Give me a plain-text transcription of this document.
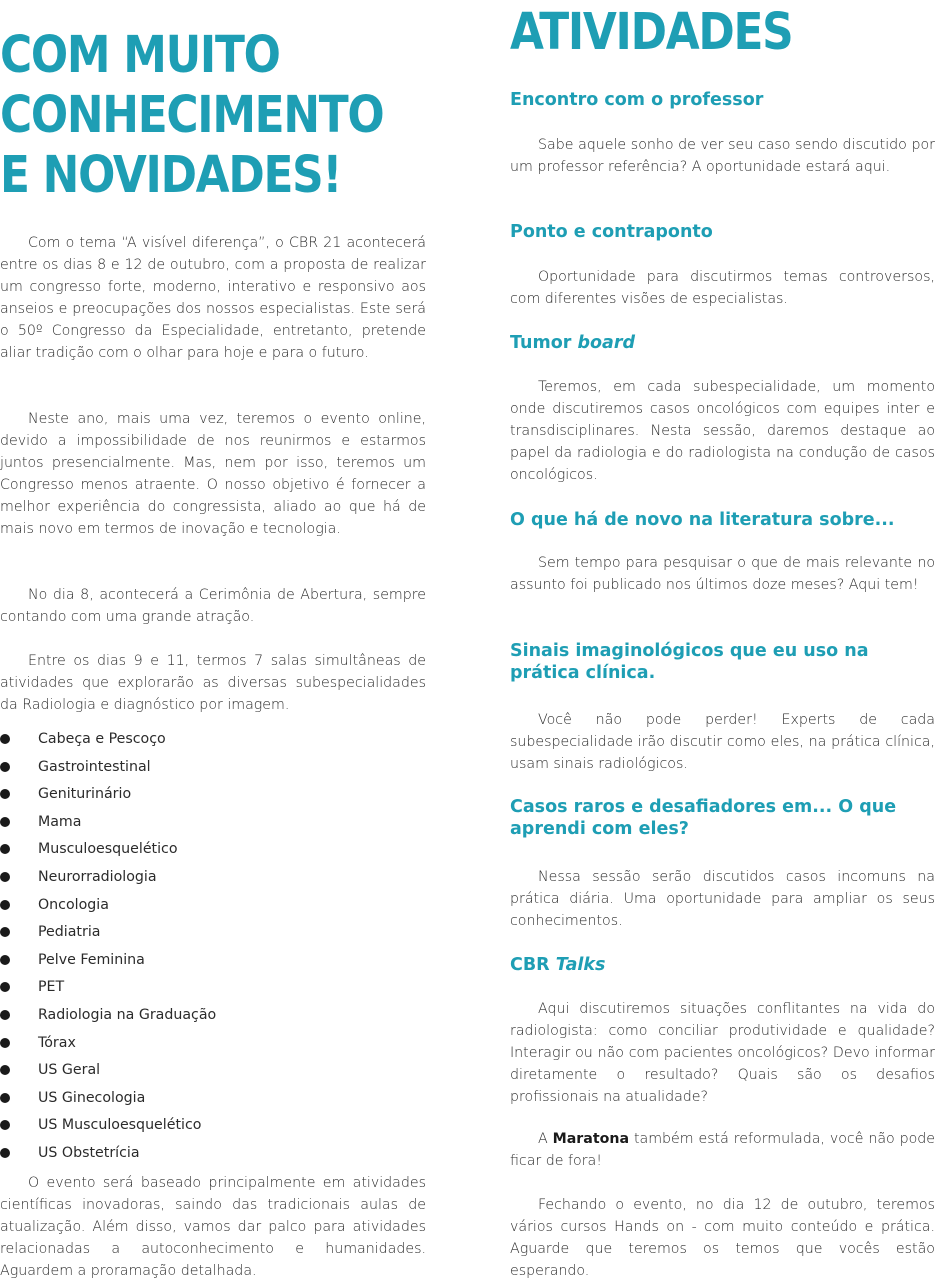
COM MUITO
CONHECIMENTO
E NOVIDADES!

Com o tema “A visível diferença”, o CBR 21 acontecerá entre os dias 8 e 12 de outubro, com a proposta de realizar um congresso forte, moderno, interativo e responsivo aos anseios e preocupações dos nossos especialistas. Este será o 50º Congresso da Especialidade, entretanto, pretende aliar tradição com o olhar para hoje e para o futuro.

Neste ano, mais uma vez, teremos o evento online, devido a impossibilidade de nos reunirmos e estarmos juntos presencialmente. Mas, nem por isso, teremos um Congresso menos atraente. O nosso objetivo é fornecer a melhor experiência do congressista, aliado ao que há de mais novo em termos de inovação e tecnologia.

No dia 8, acontecerá a Cerimônia de Abertura, sempre contando com uma grande atração.

Entre os dias 9 e 11, termos 7 salas simultâneas de atividades que explorarão as diversas subespecialidades da Radiologia e diagnóstico por imagem.

Cabeça e Pescoço
Gastrointestinal
Geniturinário
Mama
Musculoesquelético
Neurorradiologia
Oncologia
Pediatria
Pelve Feminina
PET
Radiologia na Graduação
Tórax
US Geral
US Ginecologia
US Musculoesquelético
US Obstetrícia

O evento será baseado principalmente em atividades científicas inovadoras, saindo das tradicionais aulas de atualização. Além disso, vamos dar palco para atividades relacionadas a autoconhecimento e humanidades. Aguardem a proramação detalhada.

ATIVIDADES
Encontro com o professor

Sabe aquele sonho de ver seu caso sendo discutido por um professor referência? A oportunidade estará aqui.

Ponto e contraponto

Oportunidade para discutirmos temas controversos, com diferentes visões de especialistas.

Tumor board

Teremos, em cada subespecialidade, um momento onde discutiremos casos oncológicos com equipes inter e transdisciplinares. Nesta sessão, daremos destaque ao papel da radiologia e do radiologista na condução de casos oncológicos.

O que há de novo na literatura sobre...

Sem tempo para pesquisar o que de mais relevante no assunto foi publicado nos últimos doze meses? Aqui tem!

Sinais imaginológicos que eu uso na prática clínica.

Você não pode perder! Experts de cada subespecialidade irão discutir como eles, na prática clínica, usam sinais radiológicos.

Casos raros e desafiadores em... O que aprendi com eles?

Nessa sessão serão discutidos casos incomuns na prática diária. Uma oportunidade para ampliar os seus conhecimentos.

CBR Talks

Aqui discutiremos situações conflitantes na vida do radiologista: como conciliar produtividade e qualidade? Interagir ou não com pacientes oncológicos? Devo informar diretamente o resultado? Quais são os desafios profissionais na atualidade?

A Maratona também está reformulada, você não pode ficar de fora!

Fechando o evento, no dia 12 de outubro, teremos vários cursos Hands on - com muito conteúdo e prática. Aguarde que teremos os temos que vocês estão esperando.
